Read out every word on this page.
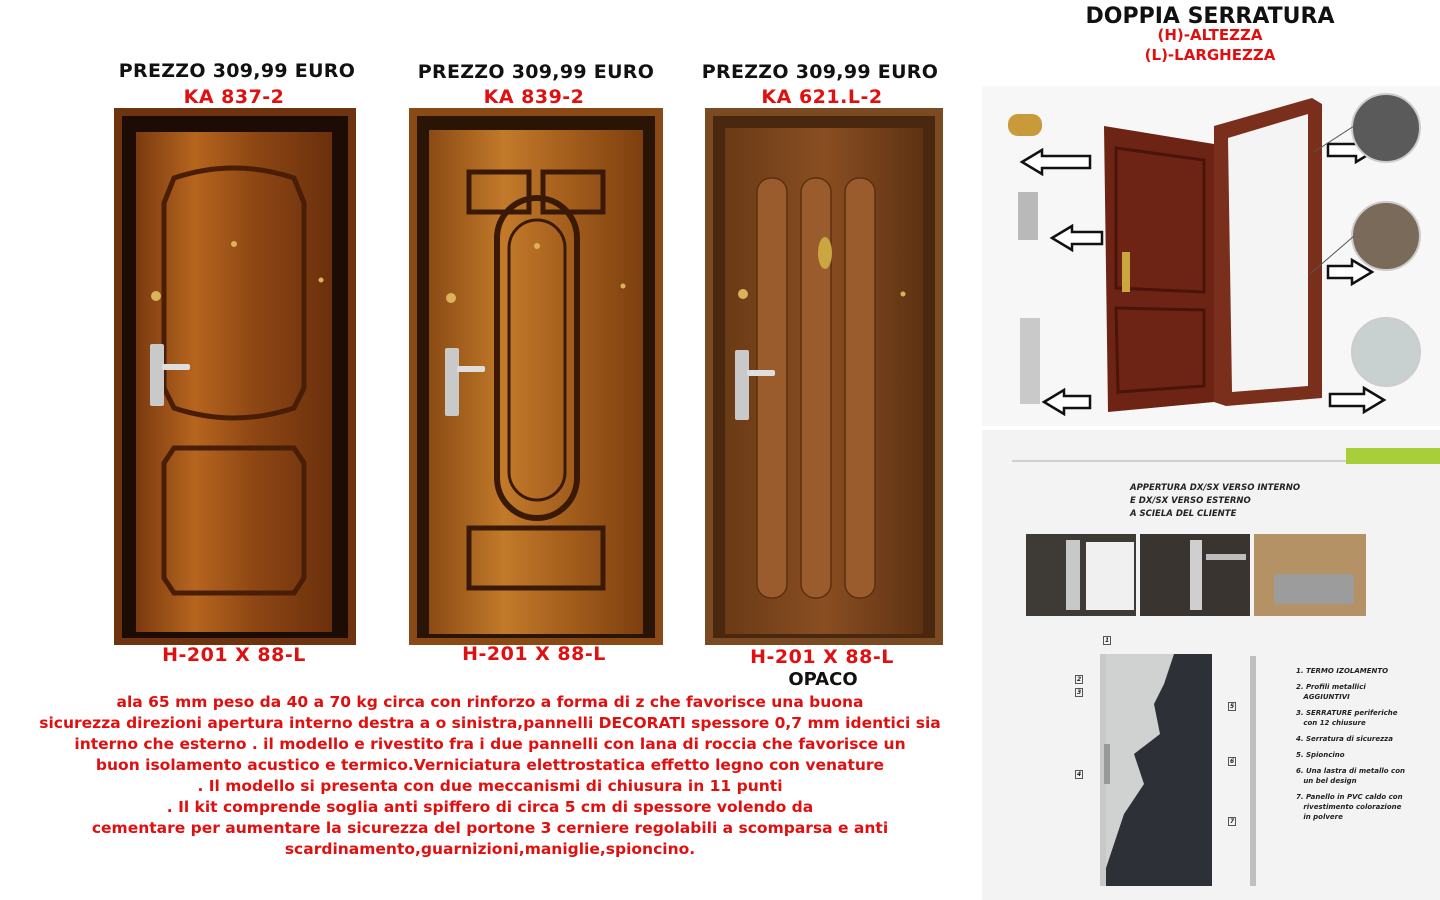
PREZZO 309,99 EURO
KA 837-2
H-201 X 88-L
PREZZO 309,99 EURO
KA 839-2
H-201 X 88-L
PREZZO 309,99 EURO
KA 621.L-2
H-201 X 88-L
OPACO
ala 65 mm peso da 40 a 70 kg circa con rinforzo a forma di z che favorisce una buona
sicurezza direzioni apertura interno destra a o sinistra,pannelli DECORATI spessore 0,7 mm identici sia
interno che esterno . il modello e rivestito fra i due pannelli con lana di roccia che favorisce un
buon isolamento acustico e termico.Verniciatura elettrostatica effetto legno con venature
. Il modello si presenta con due meccanismi di chiusura in 11 punti
. Il kit comprende soglia anti spiffero di circa 5 cm di spessore volendo da
cementare per aumentare la sicurezza del portone 3 cerniere regolabili a scomparsa e anti
scardinamento,guarnizioni,maniglie,spioncino.
DOPPIA SERRATURA
(H)-ALTEZZA
(L)-LARGHEZZA
APPERTURA DX/SX VERSO INTERNO
E DX/SX VERSO ESTERNO
A SCIELA DEL CLIENTE
1. TERMO IZOLAMENTO
2. Profili metallici
AGGIUNTIVI
3. SERRATURE periferiche
con 12 chiusure
4. Serratura di sicurezza
5. Spioncino
6. Una lastra di metallo con
un bel design
7. Panello in PVC caldo con
rivestimento colorazione
in polvere
1
2
3
4
5
6
7
